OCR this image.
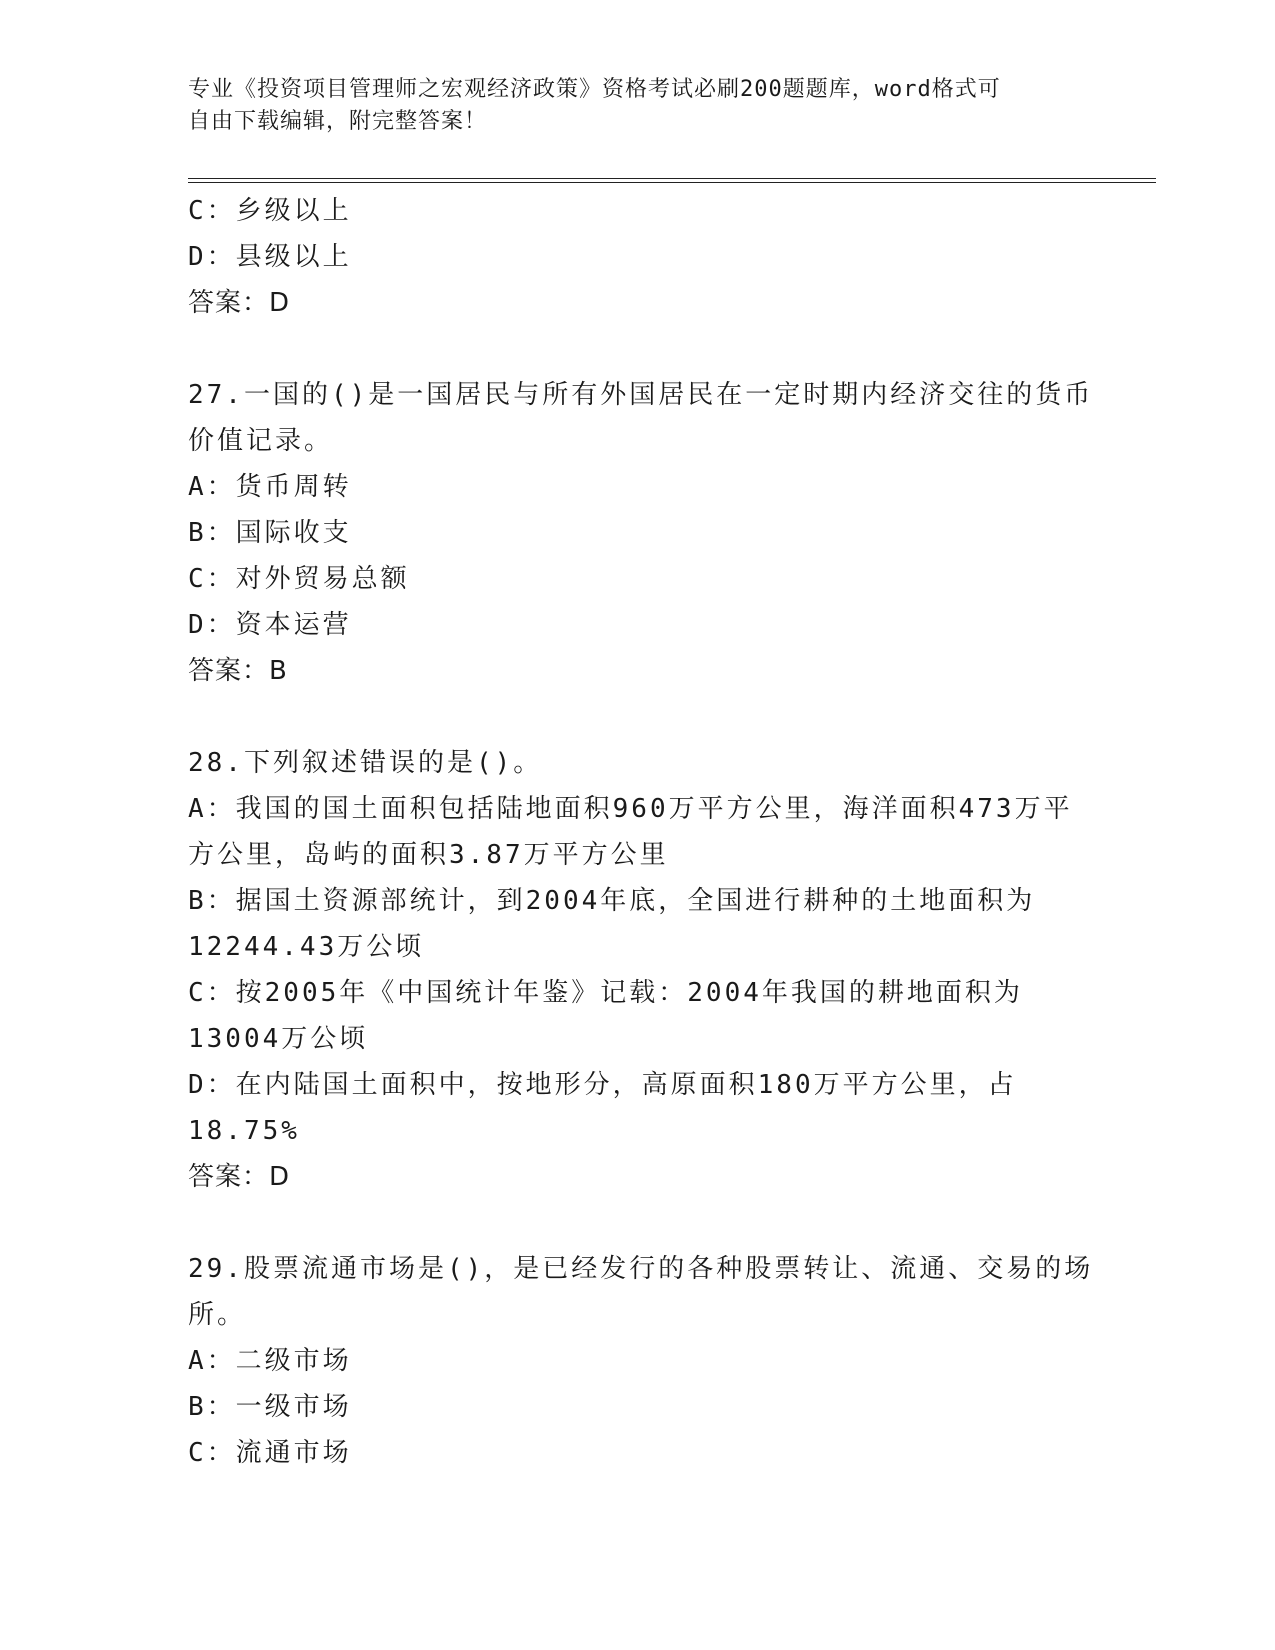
专业《投资项目管理师之宏观经济政策》资格考试必刷200题题库，word格式可
自由下载编辑，附完整答案！
C：乡级以上
D：县级以上
答案：D
27.一国的()是一国居民与所有外国居民在一定时期内经济交往的货币
价值记录。
A：货币周转
B：国际收支
C：对外贸易总额
D：资本运营
答案：B
28.下列叙述错误的是()。
A：我国的国土面积包括陆地面积960万平方公里，海洋面积473万平
方公里，岛屿的面积3.87万平方公里
B：据国土资源部统计，到2004年底，全国进行耕种的土地面积为
12244.43万公顷
C：按2005年《中国统计年鉴》记载：2004年我国的耕地面积为
13004万公顷
D：在内陆国土面积中，按地形分，高原面积180万平方公里，占
18.75%
答案：D
29.股票流通市场是()，是已经发行的各种股票转让、流通、交易的场
所。
A：二级市场
B：一级市场
C：流通市场
